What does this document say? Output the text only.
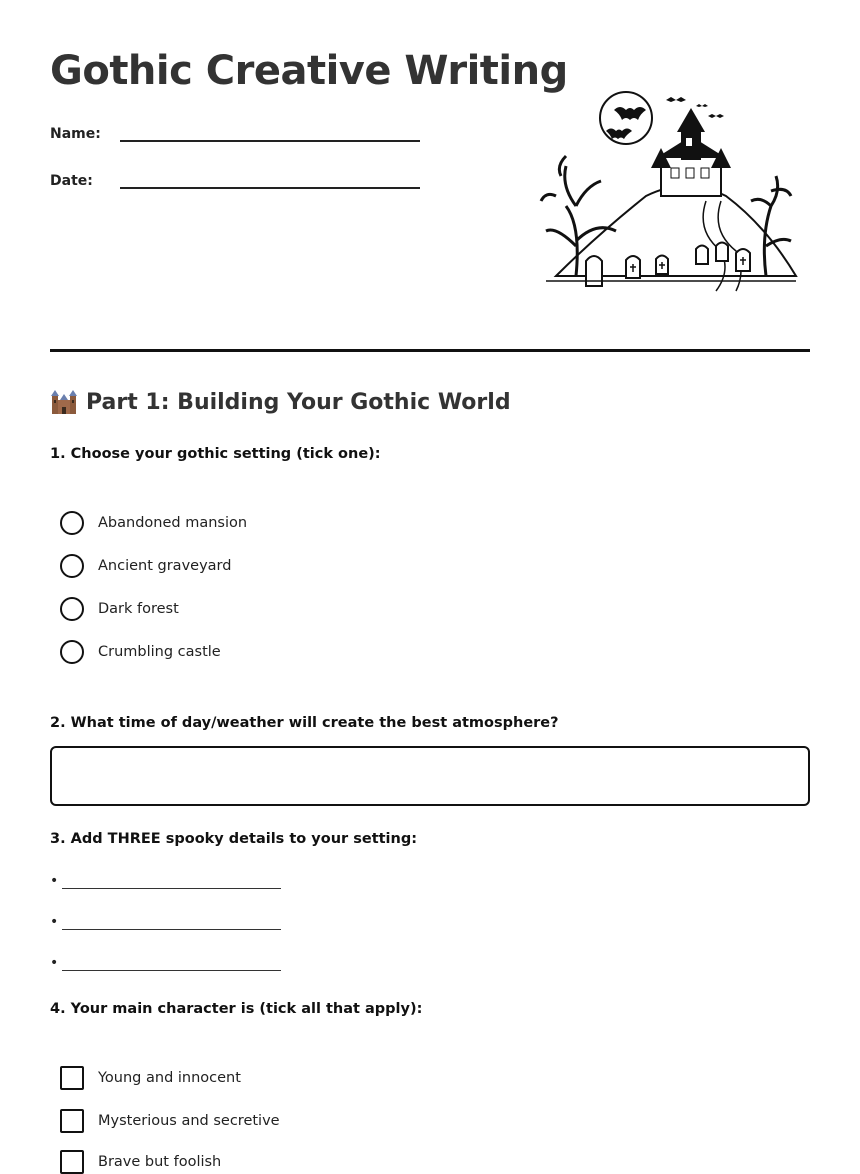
Gothic Creative Writing
Name:
Date:
Part 1: Building Your Gothic World
1. Choose your gothic setting (tick one):
Abandoned mansion
Ancient graveyard
Dark forest
Crumbling castle
2. What time of day/weather will create the best atmosphere?
3. Add THREE spooky details to your setting:
•
•
•
4. Your main character is (tick all that apply):
Young and innocent
Mysterious and secretive
Brave but foolish
